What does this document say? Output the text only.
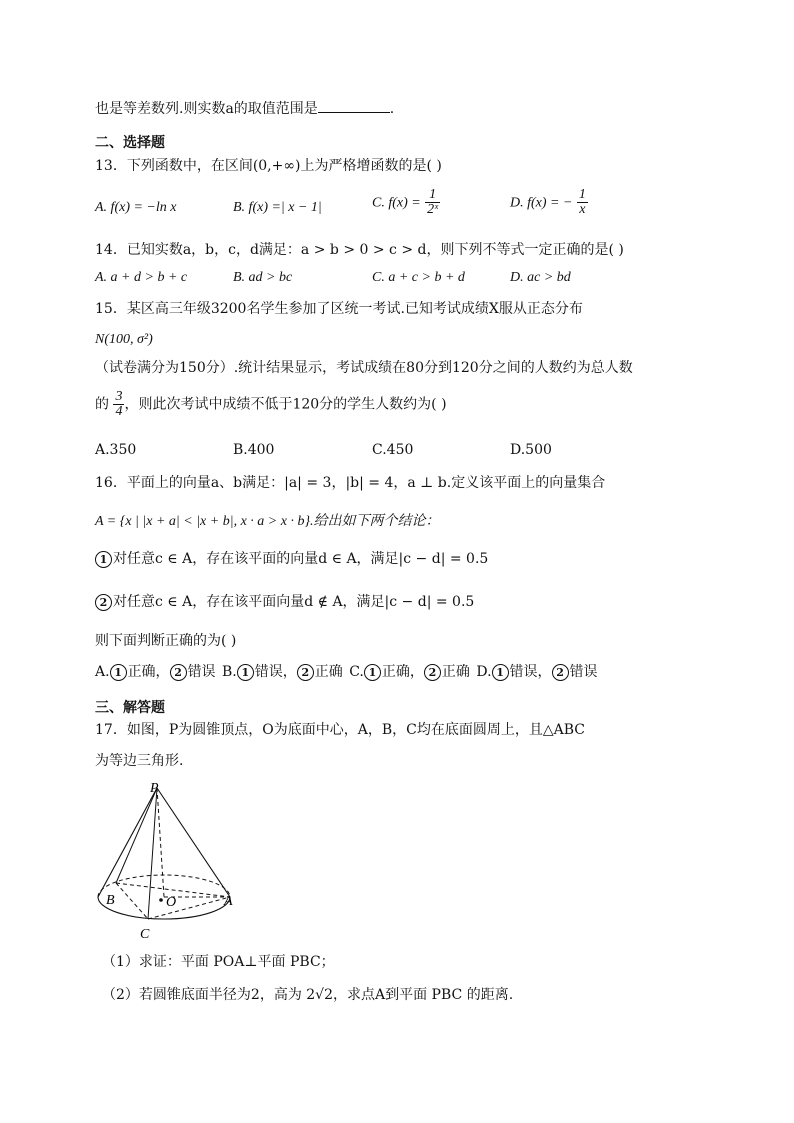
也是等差数列.则实数a的取值范围是	.
二、选择题
13．下列函数中，在区间(0,+∞)上为严格增函数的是( )
A. f(x) = −ln x	B. f(x) =| x − 1|	C. $f(x) = \frac{1}{\text{2ˣ}}$	D. f(x) = − $\frac{1}{x}$
14．已知实数a，b，c，d满足：a > b > 0 > c > d，则下列不等式一定正确的是( )
A. a + d > b + c	B. ad > bc	C. a + c > b + d	D. ac > bd
15．某区高三年级3200名学生参加了区统一考试.已知考试成绩X服从正态分布
N(100, σ²)
（试卷满分为150分）.统计结果显示，考试成绩在80分到120分之间的人数约为总人数
的 $\frac{3}{4}$ ，则此次考试中成绩不低于120分的学生人数约为( )
A.350	B.400	C.450	D.500
16．平面上的向量a、b满足：|a| = 3，|b| = 4，a ⊥ b.定义该平面上的向量集合
A = {x | |x + a| < |x + b|, x · a > x · b}.给出如下两个结论：
1 对任意c ∈ A，存在该平面的向量d ∈ A，满足|c − d| = 0.5
2 对任意c ∈ A，存在该平面向量d ∉ A，满足|c − d| = 0.5
则下面判断正确的为( )
A. 1 正确， 2 错误 B. 1 错误， 2 正确 C. 1 正确， 2 正确 D. 1 错误， 2 错误
三、解答题
17．如图，P为圆锥顶点，O为底面中心，A，B，C均在底面圆周上，且△ABC
为等边三角形.
P
B	O	A
C
（1）求证：平面 POA⊥平面 PBC；
（2）若圆锥底面半径为2，高为 2√2，求点A到平面 PBC 的距离.
